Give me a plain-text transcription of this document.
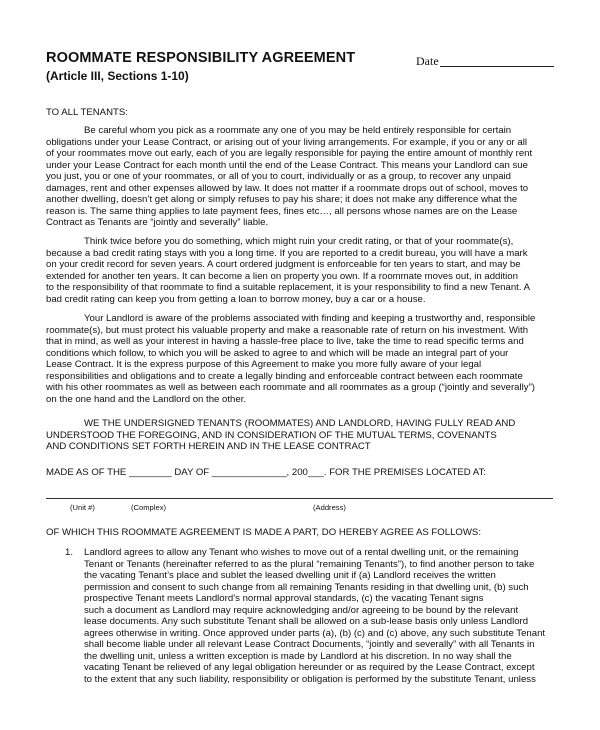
ROOMMATE RESPONSIBILITY AGREEMENT
(Article III, Sections 1-10)
Date
TO ALL TENANTS:
Be careful whom you pick as a roommate any one of you may be held entirely responsible for certain
obligations under your Lease Contract, or arising out of your living arrangements. For example, if you or any or all
of your roommates move out early, each of you are legally responsible for paying the entire amount of monthly rent
under your Lease Contract for each month until the end of the Lease Contract. This means your Landlord can sue
you just, you or one of your roommates, or all of you to court, individually or as a group, to recover any unpaid
damages, rent and other expenses allowed by law. It does not matter if a roommate drops out of school, moves to
another dwelling, doesn’t get along or simply refuses to pay his share; it does not make any difference what the
reason is. The same thing applies to late payment fees, fines etc…, all persons whose names are on the Lease
Contract as Tenants are “jointly and severally” liable.
Think twice before you do something, which might ruin your credit rating, or that of your roommate(s),
because a bad credit rating stays with you a long time. If you are reported to a credit bureau, you will have a mark
on your credit record for seven years. A court ordered judgment is enforceable for ten years to start, and may be
extended for another ten years. It can become a lien on property you own. If a roommate moves out, in addition
to the responsibility of that roommate to find a suitable replacement, it is your responsibility to find a new Tenant. A
bad credit rating can keep you from getting a loan to borrow money, buy a car or a house.
Your Landlord is aware of the problems associated with finding and keeping a trustworthy and, responsible
roommate(s), but must protect his valuable property and make a reasonable rate of return on his investment. With
that in mind, as well as your interest in having a hassle-free place to live, take the time to read specific terms and
conditions which follow, to which you will be asked to agree to and which will be made an integral part of your
Lease Contract. It is the express purpose of this Agreement to make you more fully aware of your legal
responsibilities and obligations and to create a legally binding and enforceable contract between each roommate
with his other roommates as well as between each roommate and all roommates as a group (“jointly and severally”)
on the one hand and the Landlord on the other.
WE THE UNDERSIGNED TENANTS (ROOMMATES) AND LANDLORD, HAVING FULLY READ AND
UNDERSTOOD THE FOREGOING, AND IN CONSIDERATION OF THE MUTUAL TERMS, COVENANTS
AND CONDITIONS SET FORTH HEREIN AND IN THE LEASE CONTRACT
MADE AS OF THE ________ DAY OF ______________, 200___. FOR THE PREMISES LOCATED AT:
(Unit #)	(Complex)	(Address)
OF WHICH THIS ROOMMATE AGREEMENT IS MADE A PART, DO HEREBY AGREE AS FOLLOWS:
1. Landlord agrees to allow any Tenant who wishes to move out of a rental dwelling unit, or the remaining
Tenant or Tenants (hereinafter referred to as the plural “remaining Tenants”), to find another person to take
the vacating Tenant’s place and sublet the leased dwelling unit if (a) Landlord receives the written
permission and consent to such change from all remaining Tenants residing in that dwelling unit, (b) such
prospective Tenant meets Landlord’s normal approval standards, (c) the vacating Tenant signs
such a document as Landlord may require acknowledging and/or agreeing to be bound by the relevant
lease documents. Any such substitute Tenant shall be allowed on a sub-lease basis only unless Landlord
agrees otherwise in writing. Once approved under parts (a), (b) (c) and (c) above, any such substitute Tenant
shall become liable under all relevant Lease Contract Documents, “jointly and severally” with all Tenants in
the dwelling unit, unless a written exception is made by Landlord at his discretion. In no way shall the
vacating Tenant be relieved of any legal obligation hereunder or as required by the Lease Contract, except
to the extent that any such liability, responsibility or obligation is performed by the substitute Tenant, unless
